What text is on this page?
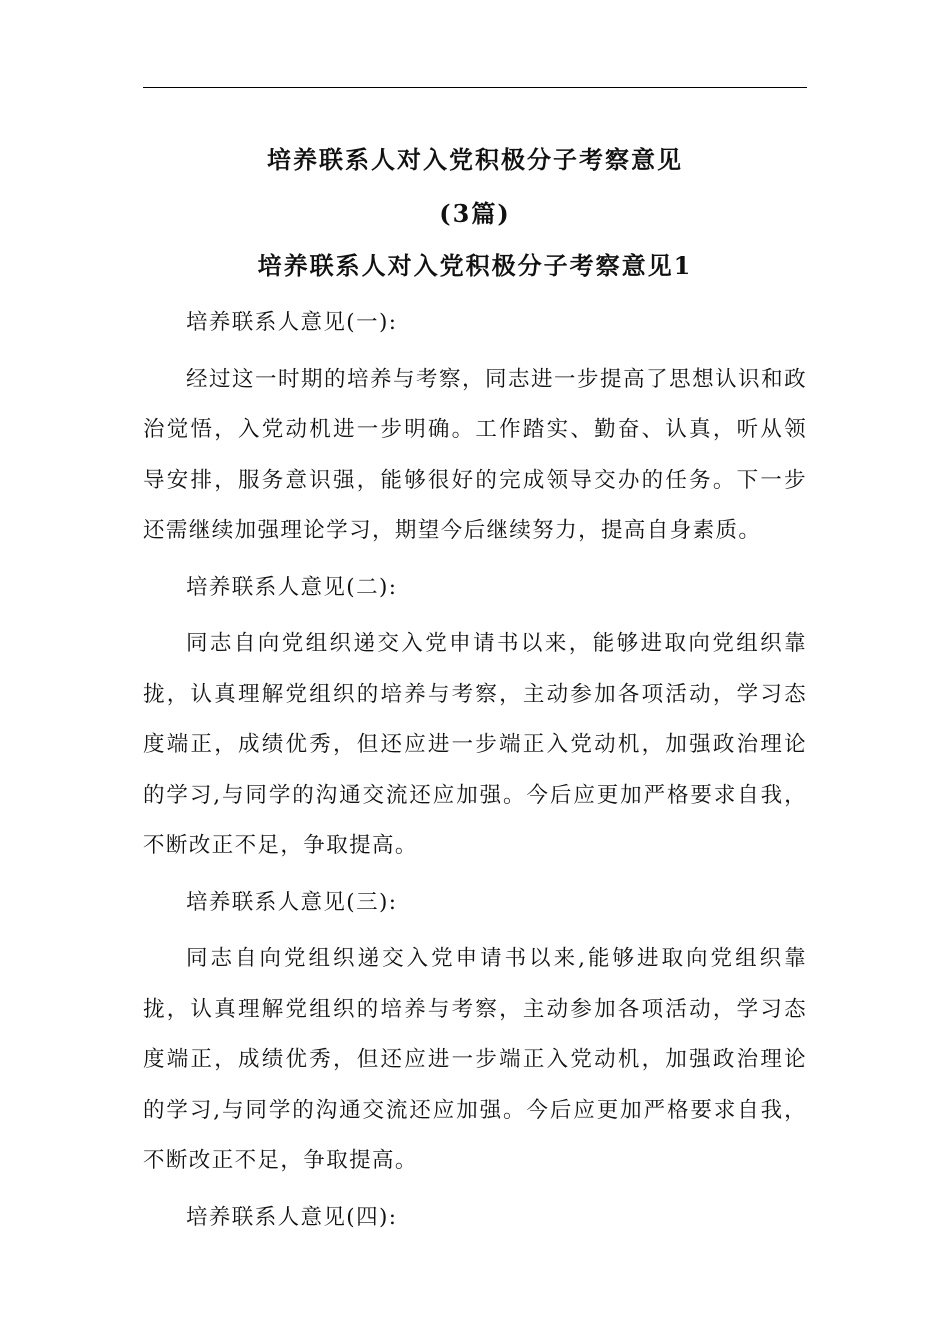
培养联系人对入党积极分子考察意见
(3篇)
培养联系人对入党积极分子考察意见1

培养联系人意见(一):

经过这一时期的培养与考察，同志进一步提高了思想认识和政治觉悟，入党动机进一步明确。工作踏实、勤奋、认真，听从领导安排，服务意识强，能够很好的完成领导交办的任务。下一步还需继续加强理论学习，期望今后继续努力，提高自身素质。

培养联系人意见(二):

同志自向党组织递交入党申请书以来，能够进取向党组织靠拢，认真理解党组织的培养与考察，主动参加各项活动，学习态度端正，成绩优秀，但还应进一步端正入党动机，加强政治理论的学习,与同学的沟通交流还应加强。今后应更加严格要求自我，不断改正不足，争取提高。

培养联系人意见(三):

同志自向党组织递交入党申请书以来,能够进取向党组织靠拢，认真理解党组织的培养与考察，主动参加各项活动，学习态度端正，成绩优秀，但还应进一步端正入党动机，加强政治理论的学习,与同学的沟通交流还应加强。今后应更加严格要求自我，不断改正不足，争取提高。

培养联系人意见(四):
